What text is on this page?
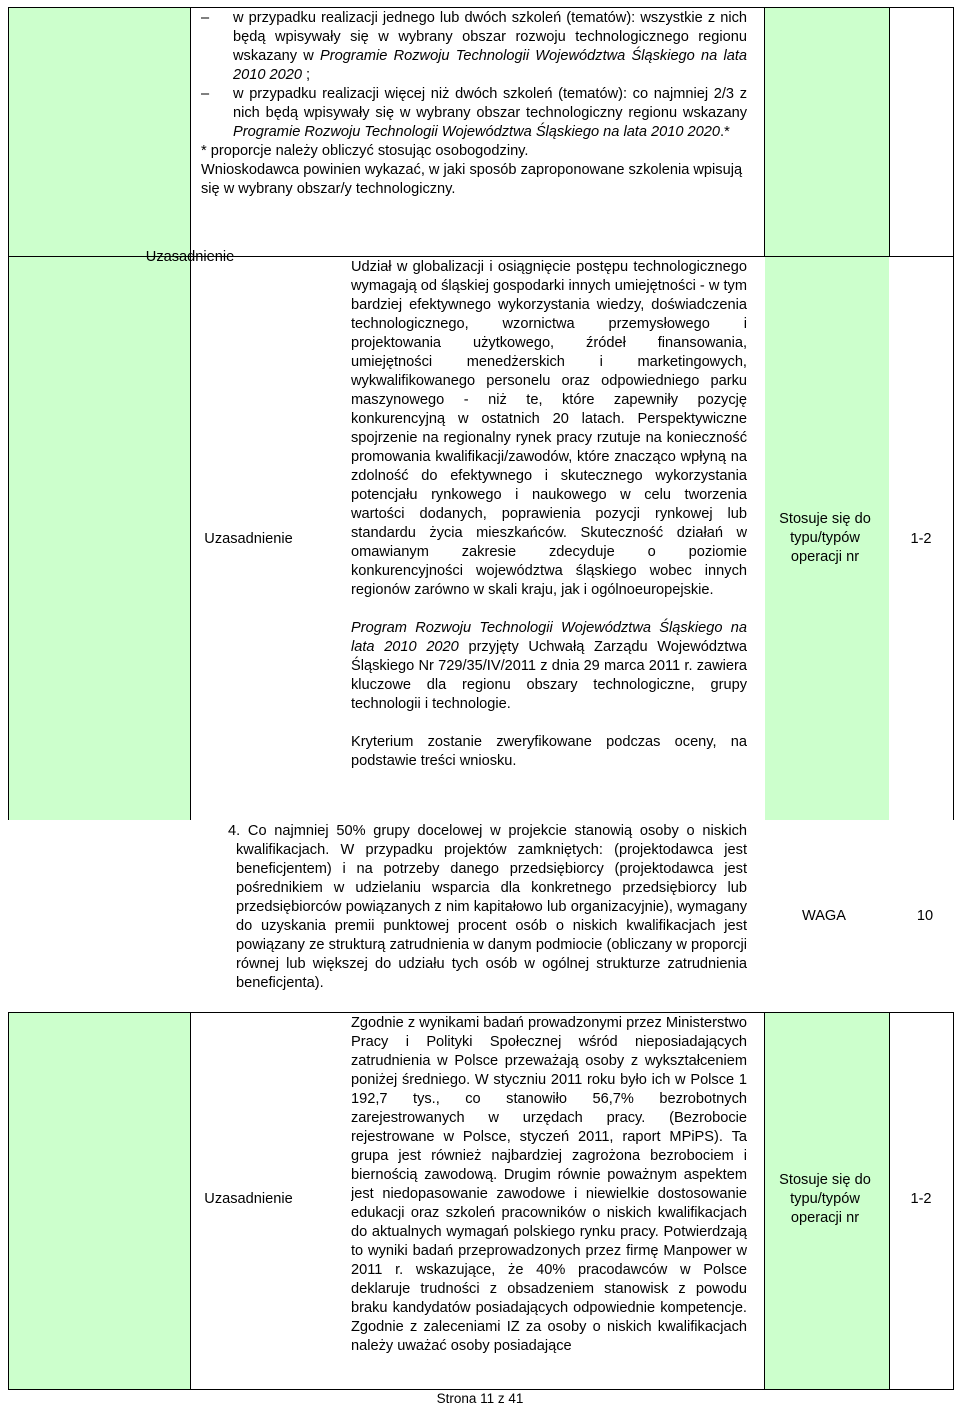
– w przypadku realizacji jednego lub dwóch szkoleń (tematów): wszystkie z nich będą wpisywały się w wybrany obszar rozwoju technologicznego regionu wskazany w Programie Rozwoju Technologii Województwa Śląskiego na lata 2010 2020 ;

– w przypadku realizacji więcej niż dwóch szkoleń (tematów): co najmniej 2/3 z nich będą wpisywały się w wybrany obszar technologiczny regionu wskazany Programie Rozwoju Technologii Województwa Śląskiego na lata 2010 2020.*

* proporcje należy obliczyć stosując osobogodziny.
Wnioskodawca powinien wykazać, w jaki sposób zaproponowane szkolenia wpisują się w wybrany obszar/y technologiczny.
Uzasadnienie

Udział w globalizacji i osiągnięcie postępu technologicznego wymagają od śląskiej gospodarki innych umiejętności - w tym bardziej efektywnego wykorzystania wiedzy, doświadczenia technologicznego, wzornictwa przemysłowego i projektowania użytkowego, źródeł finansowania, umiejętności menedżerskich i marketingowych, wykwalifikowanego personelu oraz odpowiedniego parku maszynowego - niż te, które zapewniły pozycję konkurencyjną w ostatnich 20 latach. Perspektywiczne spojrzenie na regionalny rynek pracy rzutuje na konieczność promowania kwalifikacji/zawodów, które znacząco wpłyną na zdolność do efektywnego i skutecznego wykorzystania potencjału rynkowego i naukowego w celu tworzenia wartości dodanych, poprawienia pozycji rynkowej lub standardu życia mieszkańców. Skuteczność działań w omawianym zakresie zdecyduje o poziomie konkurencyjności województwa śląskiego wobec innych regionów zarówno w skali kraju, jak i ogólnoeuropejskie.

Program Rozwoju Technologii Województwa Śląskiego na lata 2010 2020 przyjęty Uchwałą Zarządu Województwa Śląskiego Nr 729/35/IV/2011 z dnia 29 marca 2011 r. zawiera kluczowe dla regionu obszary technologiczne, grupy technologii i technologie.

Kryterium zostanie zweryfikowane podczas oceny, na podstawie treści wniosku.

Stosuje się do typu/typów operacji nr
1-2

4. Co najmniej 50% grupy docelowej w projekcie stanowią osoby o niskich kwalifikacjach. W przypadku projektów zamkniętych: (projektodawca jest beneficjentem) i na potrzeby danego przedsiębiorcy (projektodawca jest pośrednikiem w udzielaniu wsparcia dla konkretnego przedsiębiorcy lub przedsiębiorców powiązanych z nim kapitałowo lub organizacyjnie), wymagany do uzyskania premii punktowej procent osób o niskich kwalifikacjach jest powiązany ze strukturą zatrudnienia w danym podmiocie (obliczany w proporcji równej lub większej do udziału tych osób w ogólnej strukturze zatrudnienia beneficjenta).

WAGA	10
Uzasadnienie

Zgodnie z wynikami badań prowadzonymi przez Ministerstwo Pracy i Polityki Społecznej wśród nieposiadających zatrudnienia w Polsce przeważają osoby z wykształceniem poniżej średniego. W styczniu 2011 roku było ich w Polsce 1 192,7 tys., co stanowiło 56,7% bezrobotnych zarejestrowanych w urzędach pracy. (Bezrobocie rejestrowane w Polsce, styczeń 2011, raport MPiPS). Ta grupa jest również najbardziej zagrożona bezrobociem i biernością zawodową. Drugim równie poważnym aspektem jest niedopasowanie zawodowe i niewielkie dostosowanie edukacji oraz szkoleń pracowników o niskich kwalifikacjach do aktualnych wymagań polskiego rynku pracy. Potwierdzają to wyniki badań przeprowadzonych przez firmę Manpower w 2011 r. wskazujące, że 40% pracodawców w Polsce deklaruje trudności z obsadzeniem stanowisk z powodu braku kandydatów posiadających odpowiednie kompetencje. Zgodnie z zaleceniami IZ za osoby o niskich kwalifikacjach należy uważać osoby posiadające

Stosuje się do typu/typów operacji nr
1-2
Strona 11 z 41
